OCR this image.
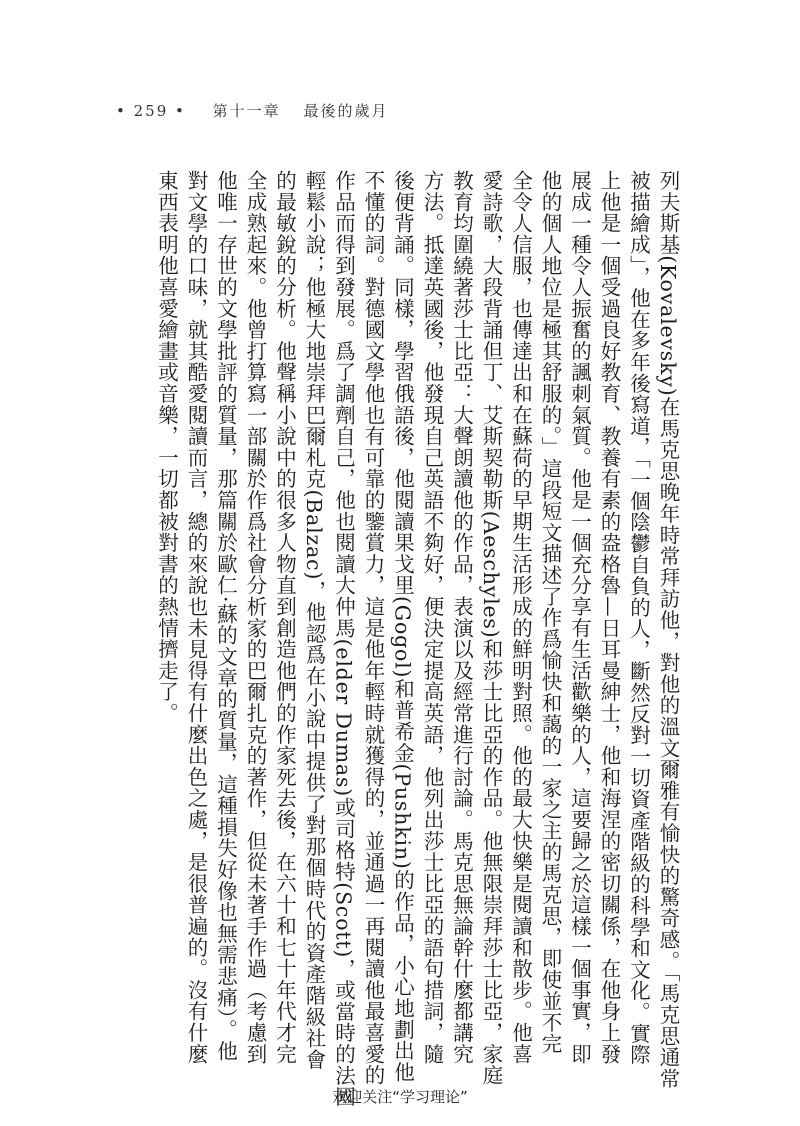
• 259 • 第十一章 最後的歲月
列夫斯基(Kovalevsky)在馬克思晚年時常拜訪他，對他的溫文爾雅有愉快的驚奇感。「馬克思通常
被描繪成」，他在多年後寫道，「一個陰鬱自負的人，斷然反對一切資產階級的科學和文化。實際
上他是一個受過良好教育、教養有素的盎格魯—日耳曼紳士，他和海涅的密切關係，在他身上發
展成一種令人振奮的諷刺氣質。他是一個充分享有生活歡樂的人，這要歸之於這樣一個事實，即
他的個人地位是極其舒服的。」這段短文描述了作爲愉快和藹的一家之主的馬克思，即使並不完
全令人信服，也傳達出和在蘇荷的早期生活形成的鮮明對照。他的最大快樂是閱讀和散步。他喜
愛詩歌，大段背誦但丁、艾斯契勒斯(Aeschyles)和莎士比亞的作品。他無限崇拜莎士比亞，家庭
教育均圍繞著莎士比亞：大聲朗讀他的作品，表演以及經常進行討論。馬克思無論幹什麼都講究
方法。抵達英國後，他發現自己英語不夠好，便決定提高英語，他列出莎士比亞的語句措詞，隨
後便背誦。同樣，學習俄語後，他閱讀果戈里(Gogol)和普希金(Pushkin)的作品，小心地劃出他
不懂的詞。對德國文學他也有可靠的鑒賞力，這是他年輕時就獲得的，並通過一再閱讀他最喜愛的
作品而得到發展。爲了調劑自己，他也閱讀大仲馬(elder Dumas)或司格特(Scott)，或當時的法國
輕鬆小說；他極大地崇拜巴爾札克(Balzac)，他認爲在小說中提供了對那個時代的資產階級社會
的最敏銳的分析。他聲稱小說中的很多人物直到創造他們的作家死去後，在六十和七十年代才完
全成熟起來。他曾打算寫一部關於作爲社會分析家的巴爾扎克的著作，但從未著手作過（考慮到
他唯一存世的文學批評的質量，那篇關於歐仁·蘇的文章的質量，這種損失好像也無需悲痛）。他
對文學的口味，就其酷愛閱讀而言，總的來說也未見得有什麼出色之處，是很普遍的。沒有什麼
東西表明他喜愛繪畫或音樂，一切都被對書的熱情擠走了。
欢迎关注“学习理论”
